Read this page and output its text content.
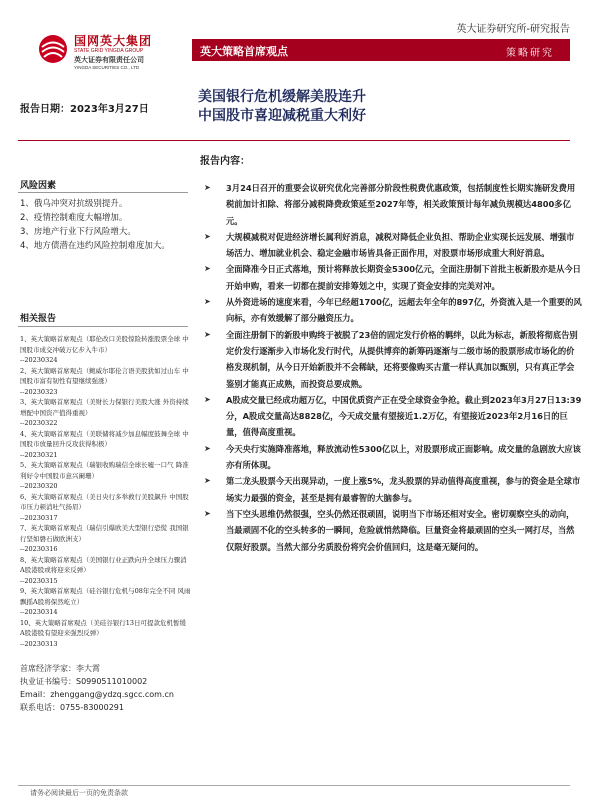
国网英大集团
STATE GRID YINGDA GROUP
英大证券有限责任公司
YINGDA SECURITIES CO., LTD
英大证券研究所-研究报告
英大策略首席观点	策略研究
报告日期：2023年3月27日
美国银行危机缓解美股连升
中国股市喜迎减税重大利好
风险因素
1、俄乌冲突对抗级别提升。
2、疫情控制难度大幅增加。
3、房地产行业下行风险增大。
4、地方债潜在违约风险控制难度加大。
相关报告
1、英大策略首席观点（耶伦改口美股惊险转涨股票全球 中国股市成交冲破万亿步入牛市）
--20230324
2、英大策略首席观点（鲍威尔耶伦言语美股犹如过山车 中国股市富有韧性有望继续强涨）
--20230323
3、英大策略首席观点（美财长力保银行美股大涨 外资持续增配中国资产值得重视）
--20230322
4、英大策略首席观点（美联储将减少加息幅度鼓舞全球 中国股市放量回升反攻获得积极）
--20230321
5、英大策略首席观点（瑞银收购瑞信全球长嘘一口气 降准利好令中国股市意兴阑珊）
--20230320
6、英大策略首席观点（美日央行多举救行美股飙升 中国股市压力顿消吐气扬眉）
--20230317
7、英大策略首席观点（瑞信引爆欧美大型银行恐慌 我国银行坚如磐石做欧洲支）
--20230316
8、英大策略首席观点（美国银行业正跌向升全球压力骤消 A股港股或将迎来反弹）
--20230315
9、英大策略首席观点（硅谷银行危机与08年完全不同 风雨飘摇A股将保然屹立）
--20230314
10、英大策略首席观点（美硅谷银行13日可提款危机暂缓 A股港股有望迎来强烈反弹）
--20230313
首席经济学家：李大霄
执业证书编号：S0990511010002
Email：zhenggang@ydzq.sgcc.com.cn
联系电话：0755-83000291
报告内容：
➤ 3月24日召开的重要会议研究优化完善部分阶段性税费优惠政策，包括制度性长期实施研发费用税前加计扣除、将部分减税降费政策延至2027年等，相关政策预计每年减负规模达4800多亿元。
➤ 大规模减税对促进经济增长属利好消息，减税对降低企业负担、帮助企业实现长远发展、增强市场活力、增加就业机会、稳定金融市场皆具备正面作用，对股票市场形成重大利好消息。
➤ 全面降准今日正式落地，预计将释放长期资金5300亿元，全面注册制下首批主板新股亦是从今日开始申购，看来一切都在提前安排筹划之中，实现了资金安排的完美对冲。
➤ 从外资进场的速度来看，今年已经超1700亿，远超去年全年的897亿，外资流入是一个重要的风向标，亦有效缓解了部分融资压力。
➤ 全面注册制下的新股申购终于被脱了23倍的固定发行价格的羁绊，以此为标志，新股将彻底告别定价发行逐渐步入市场化发行时代，从提供博弈的新筹码逐渐与二级市场的股票形成市场化的价格发现机制，从今日开始新股并不会稀缺，还将要像购买古董一样认真加以甄别，只有真正学会鉴别才能真正成熟，而投资总要成熟。
➤ A股成交量已经成功超万亿，中国优质资产正在受全球资金争抢。截止到2023年3月27日13:39分，A股成交量高达8828亿，今天成交量有望接近1.2万亿，有望接近2023年2月16日的巨量，值得高度重视。
➤ 今天央行实施降准落地，释放流动性5300亿以上，对股票形成正面影响。成交量的急剧放大应该亦有所体现。
➤ 第二龙头股票今天出现异动，一度上涨5%，龙头股票的异动值得高度重视，参与的资金是全球市场实力最强的资金，甚至是拥有最睿智的大脑参与。
➤ 当下空头思维仍然很强，空头仍然还很顽固，说明当下市场还相对安全。密切观察空头的动向，当最顽固不化的空头转多的一瞬间，危险就悄然降临。巨量资金将最顽固的空头一网打尽，当然仅限好股票。当然大部分劣质股份将究会价值回归，这是毫无疑问的。
请务必阅读最后一页的免责条款
